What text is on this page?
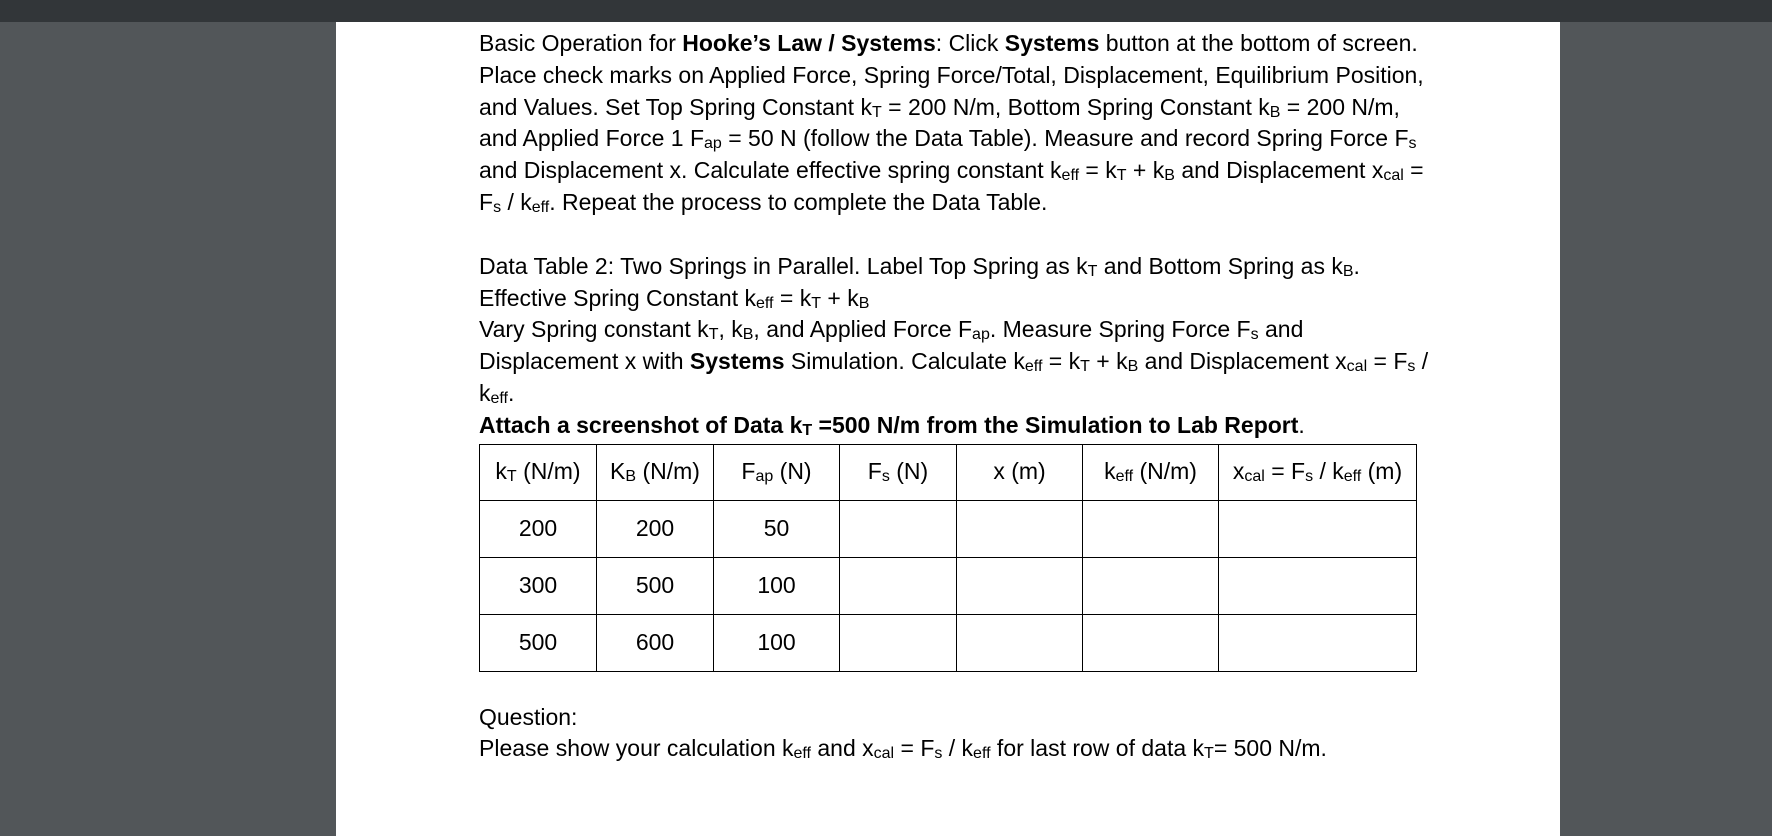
Basic Operation for Hooke’s Law / Systems: Click Systems button at the bottom of screen. Place check marks on Applied Force, Spring Force/Total, Displacement, Equilibrium Position, and Values. Set Top Spring Constant $k_T = 200$ N/m, Bottom Spring Constant $k_B = 200$ N/m, and Applied Force 1 $F_{ap} = 50$ N (follow the Data Table). Measure and record Spring Force $F_s$ and Displacement x. Calculate effective spring constant $k_{eff} = k_T + k_B$ and Displacement $x_{cal} = F_s / k_{eff}$. Repeat the process to complete the Data Table.

Data Table 2: Two Springs in Parallel. Label Top Spring as $k_T$ and Bottom Spring as $k_B$.
Effective Spring Constant $k_{eff} = k_T + k_B$
Vary Spring constant $k_T$, $k_B$, and Applied Force $F_{ap}$. Measure Spring Force $F_s$ and Displacement x with Systems Simulation. Calculate $k_{eff} = k_T + k_B$ and Displacement $x_{cal} = F_s / k_{eff}$.

Attach a screenshot of Data $k_T =500$ N/m from the Simulation to Lab Report.

$k_T$ (N/m)	$K_B$ (N/m)	$F_{ap}$ (N)	$F_s$ (N)	x (m)	$k_{eff}$ (N/m)	$x_{cal} = F_s / k_{eff}$ (m)
200	200	50				
300	500	100				
500	600	100				

Question:

Please show your calculation $k_{eff}$ and $x_{cal} = F_s / k_{eff}$ for last row of data $k_T= 500$ N/m.
